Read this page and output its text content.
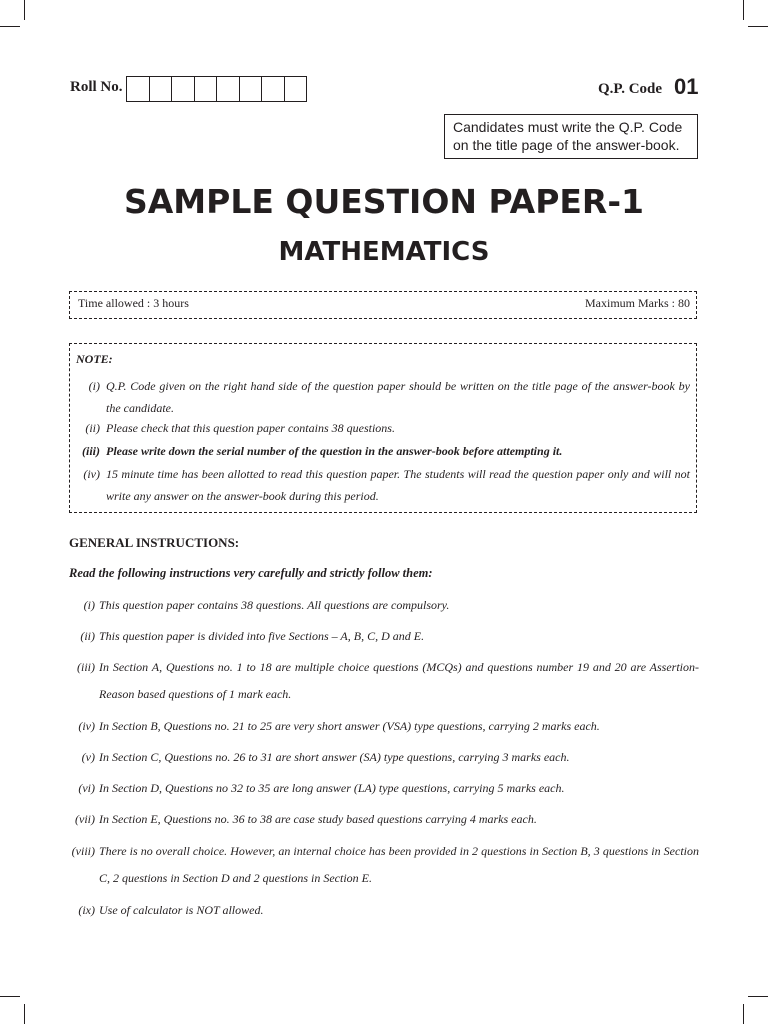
Roll No.	Q.P. Code 01
Candidates must write the Q.P. Code on the title page of the answer-book.
SAMPLE QUESTION PAPER-1
MATHEMATICS
Time allowed : 3 hours	Maximum Marks : 80
NOTE:
(i) Q.P. Code given on the right hand side of the question paper should be written on the title page of the answer-book by the candidate.
(ii) Please check that this question paper contains 38 questions.
(iii) Please write down the serial number of the question in the answer-book before attempting it.
(iv) 15 minute time has been allotted to read this question paper. The students will read the question paper only and will not write any answer on the answer-book during this period.
GENERAL INSTRUCTIONS:
Read the following instructions very carefully and strictly follow them:
(i) This question paper contains 38 questions. All questions are compulsory.
(ii) This question paper is divided into five Sections – A, B, C, D and E.
(iii) In Section A, Questions no. 1 to 18 are multiple choice questions (MCQs) and questions number 19 and 20 are Assertion-Reason based questions of 1 mark each.
(iv) In Section B, Questions no. 21 to 25 are very short answer (VSA) type questions, carrying 2 marks each.
(v) In Section C, Questions no. 26 to 31 are short answer (SA) type questions, carrying 3 marks each.
(vi) In Section D, Questions no 32 to 35 are long answer (LA) type questions, carrying 5 marks each.
(vii) In Section E, Questions no. 36 to 38 are case study based questions carrying 4 marks each.
(viii) There is no overall choice. However, an internal choice has been provided in 2 questions in Section B, 3 questions in Section C, 2 questions in Section D and 2 questions in Section E.
(ix) Use of calculator is NOT allowed.
